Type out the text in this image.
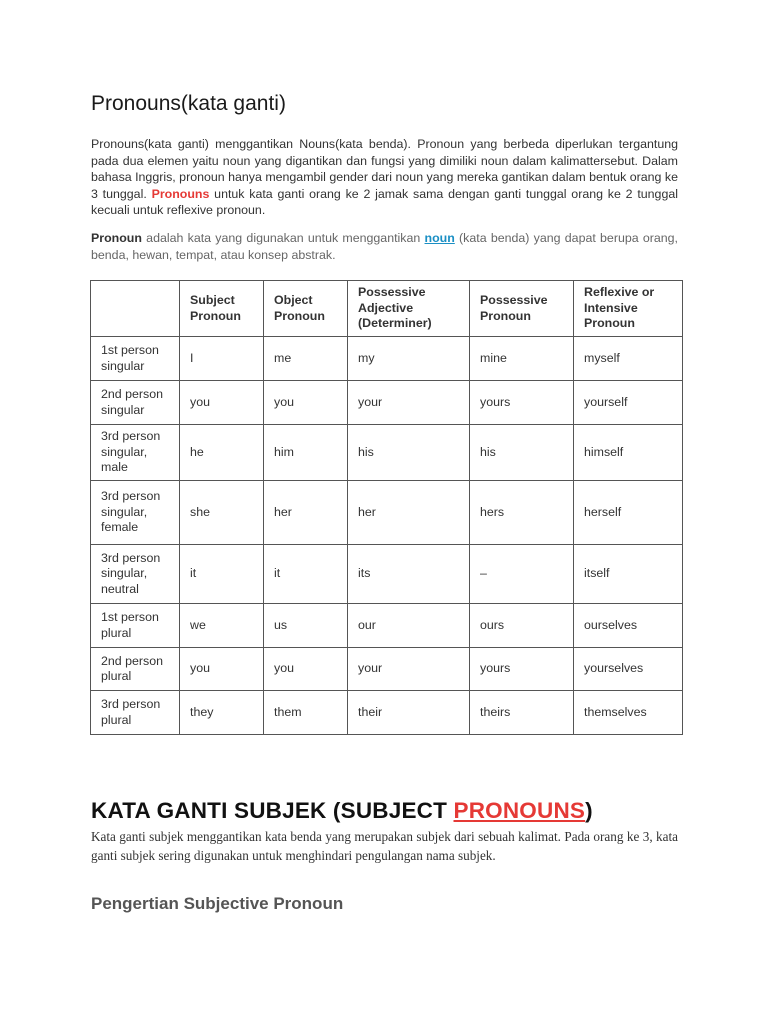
Pronouns(kata ganti)

Pronouns(kata ganti) menggantikan Nouns(kata benda). Pronoun yang berbeda diperlukan tergantung pada dua elemen yaitu noun yang digantikan dan fungsi yang dimiliki noun dalam kalimattersebut. Dalam bahasa Inggris, pronoun hanya mengambil gender dari noun yang mereka gantikan dalam bentuk orang ke 3 tunggal. Pronouns untuk kata ganti orang ke 2 jamak sama dengan ganti tunggal orang ke 2 tunggal kecuali untuk reflexive pronoun.

Pronoun adalah kata yang digunakan untuk menggantikan noun (kata benda) yang dapat berupa orang, benda, hewan, tempat, atau konsep abstrak.

	Subject Pronoun	Object Pronoun	Possessive Adjective (Determiner)	Possessive Pronoun	Reflexive or Intensive Pronoun
1st person singular	I	me	my	mine	myself
2nd person singular	you	you	your	yours	yourself
3rd person singular, male	he	him	his	his	himself
3rd person singular, female	she	her	her	hers	herself
3rd person singular, neutral	it	it	its	–	itself
1st person plural	we	us	our	ours	ourselves
2nd person plural	you	you	your	yours	yourselves
3rd person plural	they	them	their	theirs	themselves
KATA GANTI SUBJEK (SUBJECT PRONOUNS)

Kata ganti subjek menggantikan kata benda yang merupakan subjek dari sebuah kalimat. Pada orang ke 3, kata ganti subjek sering digunakan untuk menghindari pengulangan nama subjek.

Pengertian Subjective Pronoun
